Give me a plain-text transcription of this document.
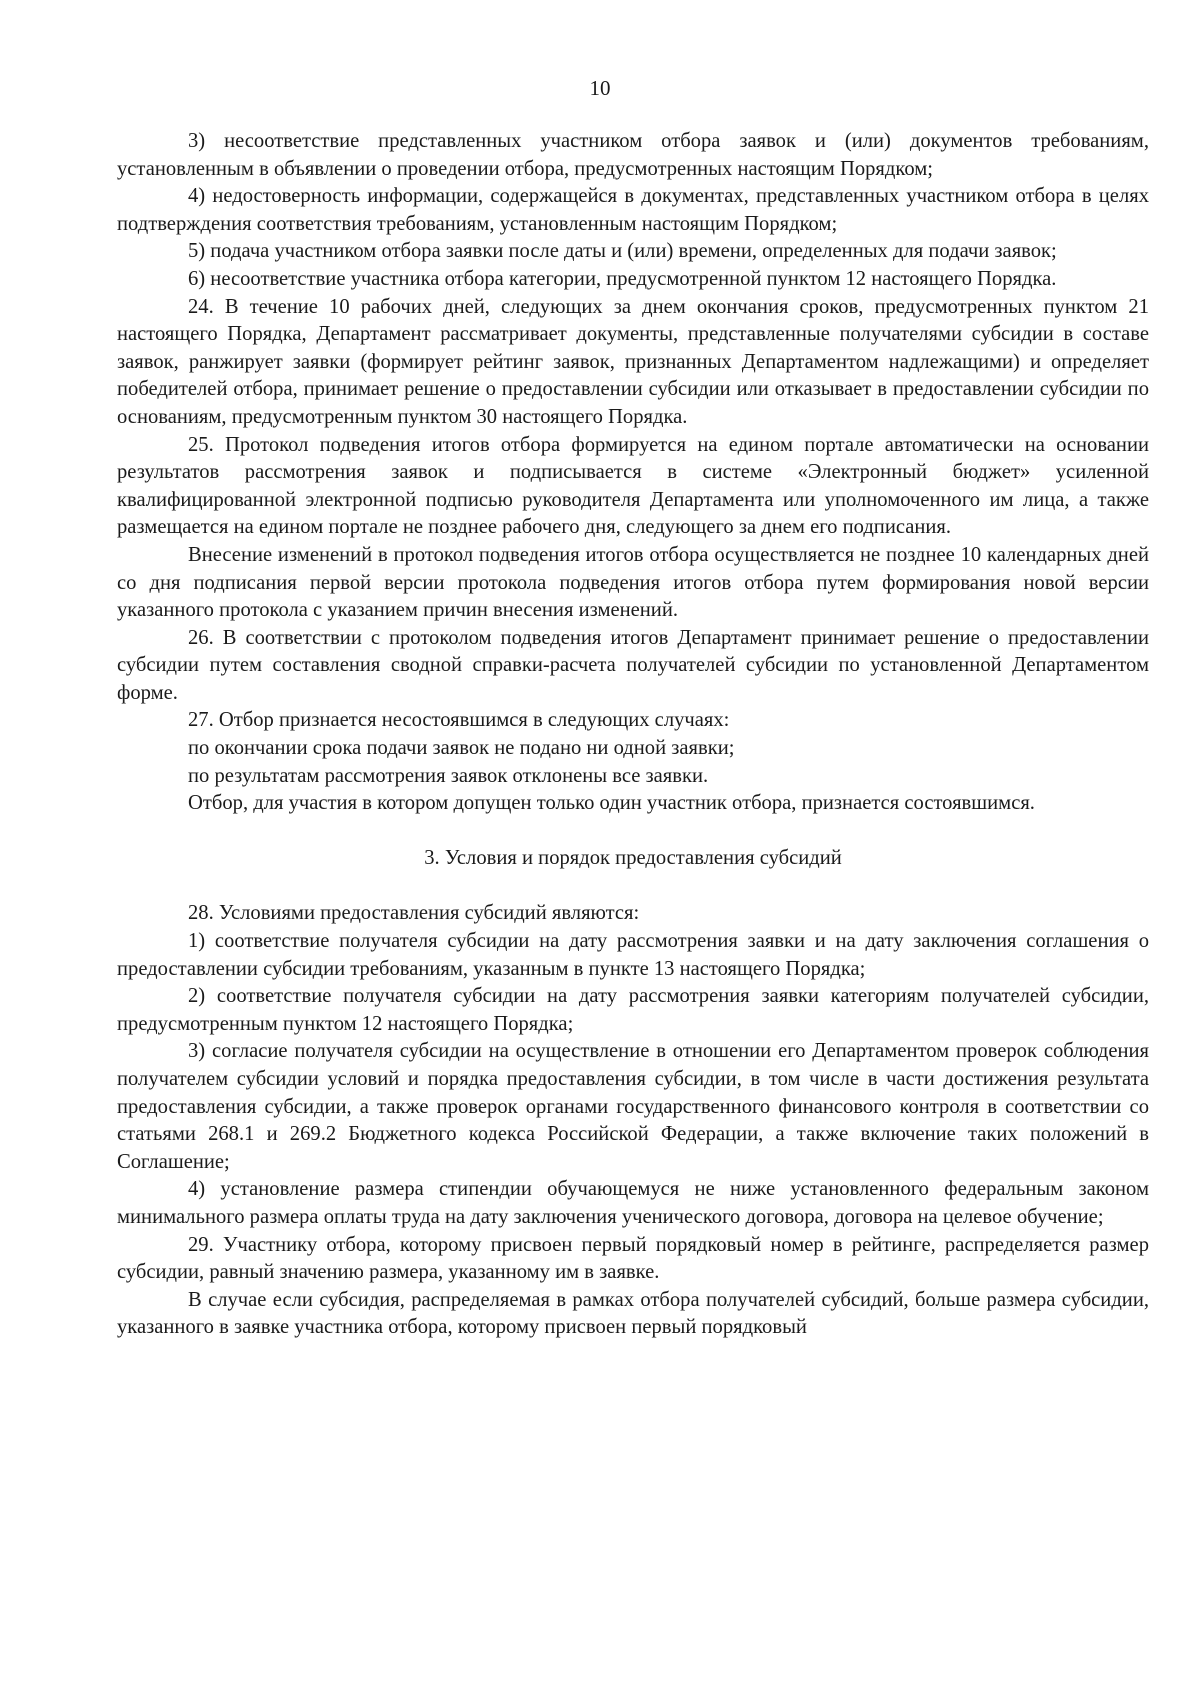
10

3) несоответствие представленных участником отбора заявок и (или) документов требованиям, установленным в объявлении о проведении отбора, предусмотренных настоящим Порядком;

4) недостоверность информации, содержащейся в документах, представленных участником отбора в целях подтверждения соответствия требованиям, установленным настоящим Порядком;

5) подача участником отбора заявки после даты и (или) времени, определенных для подачи заявок;

6) несоответствие участника отбора категории, предусмотренной пунктом 12 настоящего Порядка.

24. В течение 10 рабочих дней, следующих за днем окончания сроков, предусмотренных пунктом 21 настоящего Порядка, Департамент рассматривает документы, представленные получателями субсидии в составе заявок, ранжирует заявки (формирует рейтинг заявок, признанных Департаментом надлежащими) и определяет победителей отбора, принимает решение о предоставлении субсидии или отказывает в предоставлении субсидии по основаниям, предусмотренным пунктом 30 настоящего Порядка.

25. Протокол подведения итогов отбора формируется на едином портале автоматически на основании результатов рассмотрения заявок и подписывается в системе «Электронный бюджет» усиленной квалифицированной электронной подписью руководителя Департамента или уполномоченного им лица, а также размещается на едином портале не позднее рабочего дня, следующего за днем его подписания.

Внесение изменений в протокол подведения итогов отбора осуществляется не позднее 10 календарных дней со дня подписания первой версии протокола подведения итогов отбора путем формирования новой версии указанного протокола с указанием причин внесения изменений.

26. В соответствии с протоколом подведения итогов Департамент принимает решение о предоставлении субсидии путем составления сводной справки-расчета получателей субсидии по установленной Департаментом форме.

27. Отбор признается несостоявшимся в следующих случаях:

по окончании срока подачи заявок не подано ни одной заявки;

по результатам рассмотрения заявок отклонены все заявки.

Отбор, для участия в котором допущен только один участник отбора, признается состоявшимся.

3. Условия и порядок предоставления субсидий

28. Условиями предоставления субсидий являются:

1) соответствие получателя субсидии на дату рассмотрения заявки и на дату заключения соглашения о предоставлении субсидии требованиям, указанным в пункте 13 настоящего Порядка;

2) соответствие получателя субсидии на дату рассмотрения заявки категориям получателей субсидии, предусмотренным пунктом 12 настоящего Порядка;

3) согласие получателя субсидии на осуществление в отношении его Департаментом проверок соблюдения получателем субсидии условий и порядка предоставления субсидии, в том числе в части достижения результата предоставления субсидии, а также проверок органами государственного финансового контроля в соответствии со статьями 268.1 и 269.2 Бюджетного кодекса Российской Федерации, а также включение таких положений в Соглашение;

4) установление размера стипендии обучающемуся не ниже установленного федеральным законом минимального размера оплаты труда на дату заключения ученического договора, договора на целевое обучение;

29. Участнику отбора, которому присвоен первый порядковый номер в рейтинге, распределяется размер субсидии, равный значению размера, указанному им в заявке.

В случае если субсидия, распределяемая в рамках отбора получателей субсидий, больше размера субсидии, указанного в заявке участника отбора, которому присвоен первый порядковый
